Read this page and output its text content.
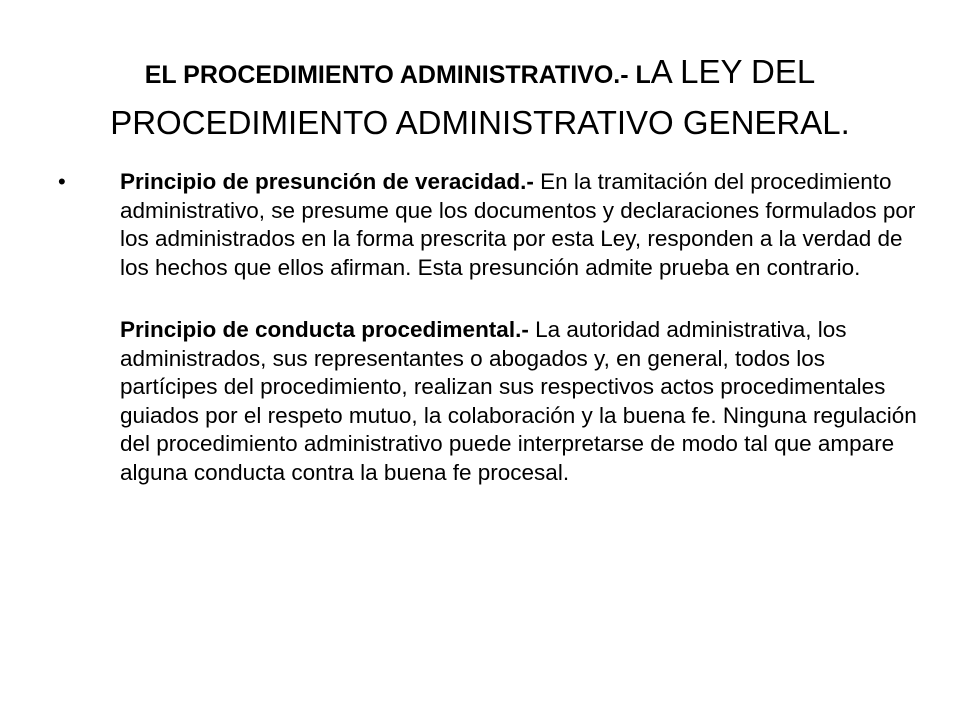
EL PROCEDIMIENTO ADMINISTRATIVO.- LA LEY DEL PROCEDIMIENTO ADMINISTRATIVO GENERAL.
• Principio de presunción de veracidad.- En la tramitación del procedimiento administrativo, se presume que los documentos y declaraciones formulados por los administrados en la forma prescrita por esta Ley, responden a la verdad de los hechos que ellos afirman. Esta presunción admite prueba en contrario.

Principio de conducta procedimental.- La autoridad administrativa, los administrados, sus representantes o abogados y, en general, todos los partícipes del procedimiento, realizan sus respectivos actos procedimentales guiados por el respeto mutuo, la colaboración y la buena fe. Ninguna regulación del procedimiento administrativo puede interpretarse de modo tal que ampare alguna conducta contra la buena fe procesal.
